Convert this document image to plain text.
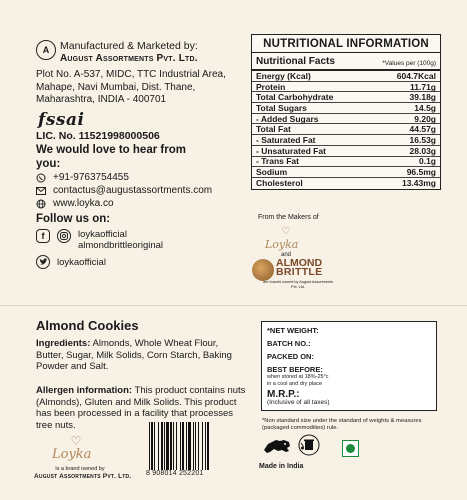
A	Manufactured & Marketed by:
August Assortments Pvt. Ltd.
Plot No. A-537, MIDC, TTC Industrial Area, Mahape, Navi Mumbai, Dist. Thane, Maharashtra, INDIA - 400701
fssai
LIC. No. 11521998000506
We would love to hear from you:
+91-9763754455
contactus@augustassortments.com
www.loyka.co
Follow us on:
f	loykaofficial
almondbrittleoriginal
loykaofficial
NUTRITIONAL INFORMATION
Nutritional Facts	*Values per (100g)
Energy (Kcal)	604.7Kcal
Protein	11.71g
Total Carbohydrate	39.18g
Total Sugars	14.5g
- Added Sugars	9.20g
Total Fat	44.57g
- Saturated Fat	16.53g
- Unsaturated Fat	28.03g
- Trans Fat	0.1g
Sodium	96.5mg
Cholesterol	13.43mg
From the Makers of
♡
Loyka
and
ALMOND
BRITTLE
are brands owned by August Assortments Pvt. Ltd.
Almond Cookies
Ingredients: Almonds, Whole Wheat Flour, Butter, Sugar, Milk Solids, Corn Starch, Baking Powder and Salt.
Allergen information: This product contains nuts (Almonds), Gluten and Milk Solids. This product has been processed in a facility that processes tree nuts.
♡
Loyka
is a brand owned by
August Assortments Pvt. Ltd. 8 908014 252201
*NET WEIGHT:
BATCH NO.:
PACKED ON:
BEST BEFORE:
when stored at 18%-25°c
in a cool and dry place
M.R.P.:
(Inclusive of all taxes)
*Non standard size under the standard of weights & measures (packaged commodities) rule.
Made in India
